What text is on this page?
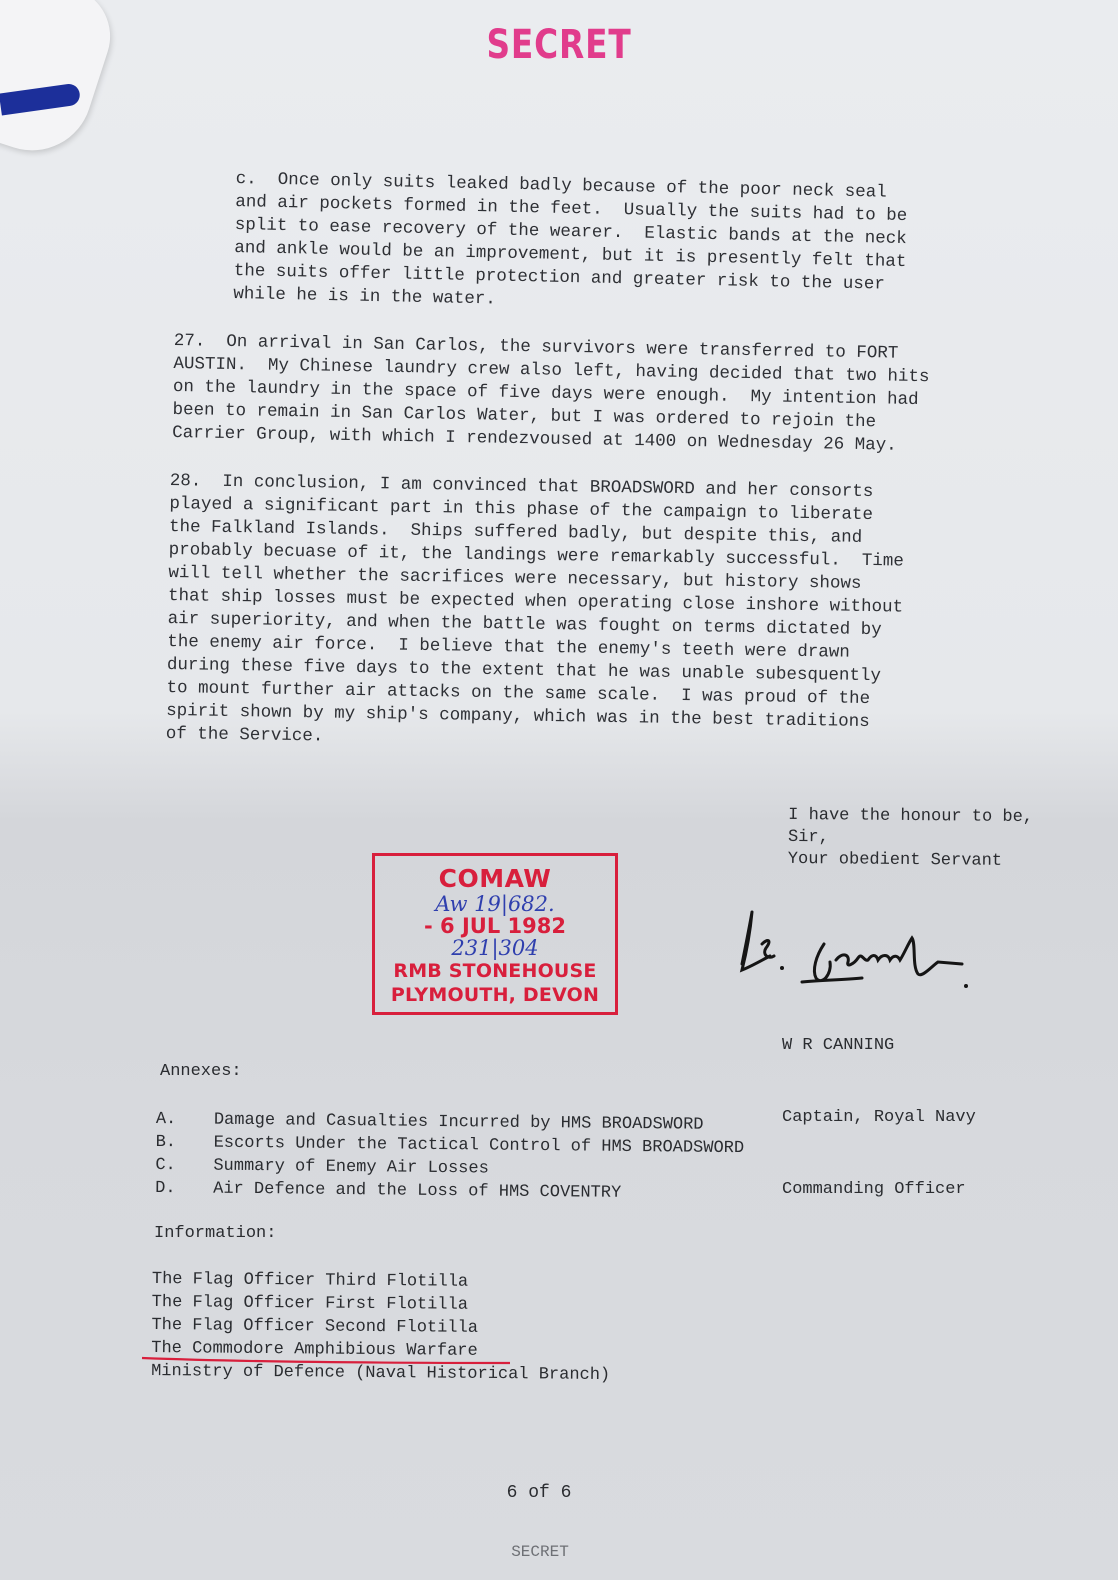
SECRET
c.  Once only suits leaked badly because of the poor neck seal
and air pockets formed in the feet.  Usually the suits had to be
split to ease recovery of the wearer.  Elastic bands at the neck
and ankle would be an improvement, but it is presently felt that
the suits offer little protection and greater risk to the user
while he is in the water.
27.  On arrival in San Carlos, the survivors were transferred to FORT
AUSTIN.  My Chinese laundry crew also left, having decided that two hits
on the laundry in the space of five days were enough.  My intention had
been to remain in San Carlos Water, but I was ordered to rejoin the
Carrier Group, with which I rendezvoused at 1400 on Wednesday 26 May.
28.  In conclusion, I am convinced that BROADSWORD and her consorts
played a significant part in this phase of the campaign to liberate
the Falkland Islands.  Ships suffered badly, but despite this, and
probably becuase of it, the landings were remarkably successful.  Time
will tell whether the sacrifices were necessary, but history shows
that ship losses must be expected when operating close inshore without
air superiority, and when the battle was fought on terms dictated by
the enemy air force.  I believe that the enemy's teeth were drawn
during these five days to the extent that he was unable subesquently
to mount further air attacks on the same scale.  I was proud of the
spirit shown by my ship's company, which was in the best traditions
of the Service.
I have the honour to be,
Sir,
Your obedient Servant
COMAW
Aw 19|682.
- 6 JUL 1982
231|304
RMB STONEHOUSE
PLYMOUTH, DEVON

W R CANNING

Captain, Royal Navy

Commanding Officer

Annexes:
A.	Damage and Casualties Incurred by HMS BROADSWORD
B.	Escorts Under the Tactical Control of HMS BROADSWORD
C.	Summary of Enemy Air Losses
D.	Air Defence and the Loss of HMS COVENTRY
Information:
The Flag Officer Third Flotilla
The Flag Officer First Flotilla
The Flag Officer Second Flotilla
The Commodore Amphibious Warfare
Ministry of Defence (Naval Historical Branch)
6 of 6
SECRET
